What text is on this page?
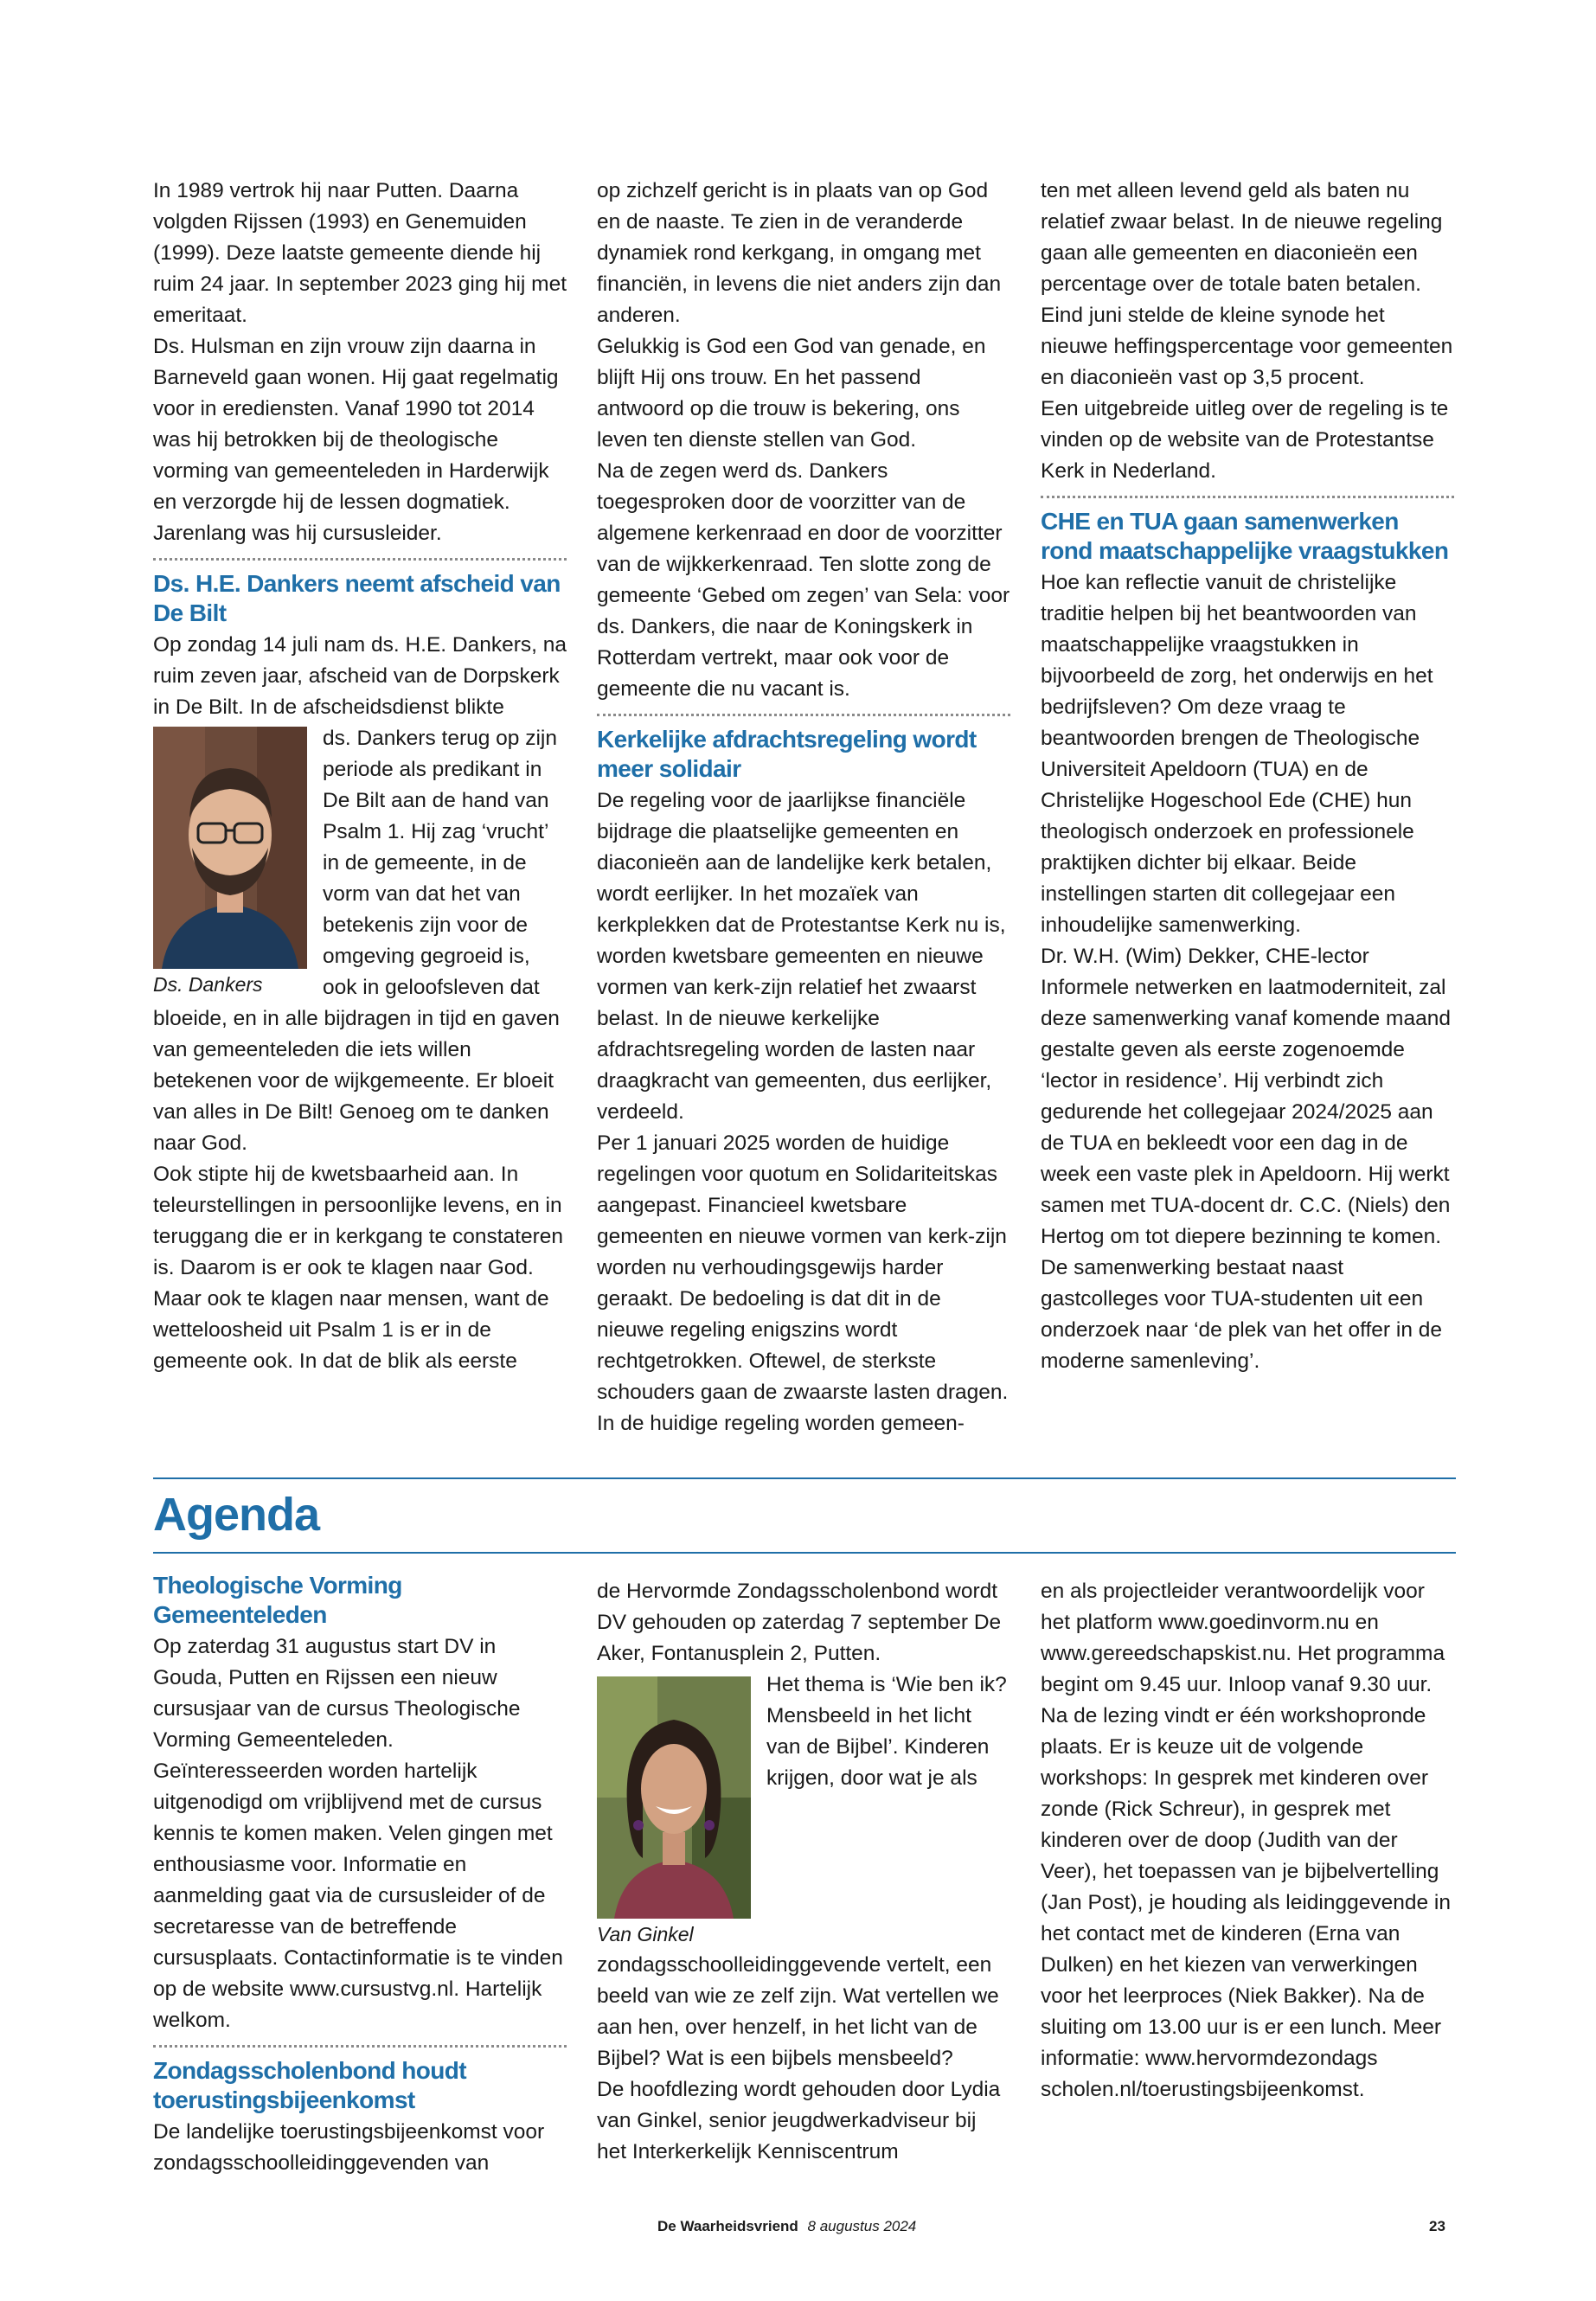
In 1989 vertrok hij naar Putten. Daarna volgden Rijssen (1993) en Genemuiden (1999). Deze laatste gemeente diende hij ruim 24 jaar. In september 2023 ging hij met emeritaat.

Ds. Hulsman en zijn vrouw zijn daarna in Barneveld gaan wonen. Hij gaat regelmatig voor in erediensten. Vanaf 1990 tot 2014 was hij betrokken bij de theologische vorming van gemeenteleden in Harderwijk en verzorgde hij de lessen dogmatiek. Jarenlang was hij cursusleider.

Ds. H.E. Dankers neemt afscheid van De Bilt

Op zondag 14 juli nam ds. H.E. Dankers, na ruim zeven jaar, afscheid van de Dorpskerk in De Bilt. In de afscheidsdienst blikte

Ds. Dankers

ds. Dankers terug op zijn periode als predikant in De Bilt aan de hand van Psalm 1. Hij zag ‘vrucht’ in de gemeente, in de vorm van dat het van betekenis zijn voor de omgeving gegroeid is, ook in geloofsleven dat bloeide, en in alle bijdragen in tijd en gaven van gemeenteleden die iets willen betekenen voor de wijkgemeente. Er bloeit van alles in De Bilt! Genoeg om te danken naar God.

Ook stipte hij de kwetsbaarheid aan. In teleurstellingen in persoonlijke levens, en in teruggang die er in kerkgang te constateren is. Daarom is er ook te klagen naar God.

Maar ook te klagen naar mensen, want de wetteloosheid uit Psalm 1 is er in de gemeente ook. In dat de blik als eerste

op zichzelf gericht is in plaats van op God en de naaste. Te zien in de veranderde dynamiek rond kerkgang, in omgang met financiën, in levens die niet anders zijn dan anderen.

Gelukkig is God een God van genade, en blijft Hij ons trouw. En het passend antwoord op die trouw is bekering, ons leven ten dienste stellen van God.

Na de zegen werd ds. Dankers toegesproken door de voorzitter van de algemene kerkenraad en door de voorzitter van de wijkkerkenraad. Ten slotte zong de gemeente ‘Gebed om zegen’ van Sela: voor ds. Dankers, die naar de Koningskerk in Rotterdam vertrekt, maar ook voor de gemeente die nu vacant is.

Kerkelijke afdrachtsregeling wordt meer solidair

De regeling voor de jaarlijkse financiële bijdrage die plaatselijke gemeenten en diaconieën aan de landelijke kerk betalen, wordt eerlijker. In het mozaïek van kerkplekken dat de Protestantse Kerk nu is, worden kwetsbare gemeenten en nieuwe vormen van kerk-zijn relatief het zwaarst belast. In de nieuwe kerkelijke afdrachtsregeling worden de lasten naar draagkracht van gemeenten, dus eerlijker, verdeeld.

Per 1 januari 2025 worden de huidige regelingen voor quotum en Solidariteitskas aangepast. Financieel kwetsbare gemeenten en nieuwe vormen van kerk-zijn worden nu verhoudingsgewijs harder geraakt. De bedoeling is dat dit in de nieuwe regeling enigszins wordt rechtgetrokken. Oftewel, de sterkste schouders gaan de zwaarste lasten dragen.

In de huidige regeling worden gemeen-

ten met alleen levend geld als baten nu relatief zwaar belast. In de nieuwe regeling gaan alle gemeenten en diaconieën een percentage over de totale baten betalen. Eind juni stelde de kleine synode het nieuwe heffingspercentage voor gemeenten en diaconieën vast op 3,5 procent.

Een uitgebreide uitleg over de regeling is te vinden op de website van de Protestantse Kerk in Nederland.

CHE en TUA gaan samenwerken rond maatschappelijke vraagstukken

Hoe kan reflectie vanuit de christelijke traditie helpen bij het beantwoorden van maatschappelijke vraagstukken in bijvoorbeeld de zorg, het onderwijs en het bedrijfsleven? Om deze vraag te beantwoorden brengen de Theologische Universiteit Apeldoorn (TUA) en de Christelijke Hogeschool Ede (CHE) hun theologisch onderzoek en professionele praktijken dichter bij elkaar. Beide instellingen starten dit collegejaar een inhoudelijke samenwerking.

Dr. W.H. (Wim) Dekker, CHE-lector Informele netwerken en laatmoderniteit, zal deze samenwerking vanaf komende maand gestalte geven als eerste zogenoemde ‘lector in residence’. Hij verbindt zich gedurende het collegejaar 2024/2025 aan de TUA en bekleedt voor een dag in de week een vaste plek in Apeldoorn. Hij werkt samen met TUA-docent dr. C.C. (Niels) den Hertog om tot diepere bezinning te komen.

De samenwerking bestaat naast gastcolleges voor TUA-studenten uit een onderzoek naar ‘de plek van het offer in de moderne samenleving’.

Agenda
Theologische Vorming Gemeenteleden

Op zaterdag 31 augustus start DV in Gouda, Putten en Rijssen een nieuw cursusjaar van de cursus Theologische Vorming Gemeenteleden. Geïnteresseerden worden hartelijk uitgenodigd om vrijblijvend met de cursus kennis te komen maken. Velen gingen met enthousiasme voor. Informatie en aanmelding gaat via de cursusleider of de secretaresse van de betreffende cursusplaats. Contactinformatie is te vinden op de website www.cursustvg.nl. Hartelijk welkom.

Zondagsscholenbond houdt toerustingsbijeenkomst

De landelijke toerustingsbijeenkomst voor zondagsschoolleidinggevenden van

de Hervormde Zondagsscholenbond wordt DV gehouden op zaterdag 7 september De Aker, Fontanusplein 2, Putten.

Van Ginkel

Het thema is ‘Wie ben ik? Mensbeeld in het licht van de Bijbel’. Kinderen krijgen, door wat je als zondagsschoolleidinggevende vertelt, een beeld van wie ze zelf zijn. Wat vertellen we aan hen, over henzelf, in het licht van de Bijbel? Wat is een bijbels mensbeeld?

De hoofdlezing wordt gehouden door Lydia van Ginkel, senior jeugdwerkadviseur bij het Interkerkelijk Kenniscentrum

en als projectleider verantwoordelijk voor het platform www.goedinvorm.nu en www.gereedschapskist.nu. Het programma begint om 9.45 uur. Inloop vanaf 9.30 uur.

Na de lezing vindt er één workshopronde plaats. Er is keuze uit de volgende workshops: In gesprek met kinderen over zonde (Rick Schreur), in gesprek met kinderen over de doop (Judith van der Veer), het toepassen van je bijbelvertelling (Jan Post), je houding als leidinggevende in het contact met de kinderen (Erna van Dulken) en het kiezen van verwerkingen voor het leerproces (Niek Bakker). Na de sluiting om 13.00 uur is er een lunch. Meer informatie: www.hervormdezondags scholen.nl/toerustingsbijeenkomst.

De Waarheidsvriend 8 augustus 2024	23
